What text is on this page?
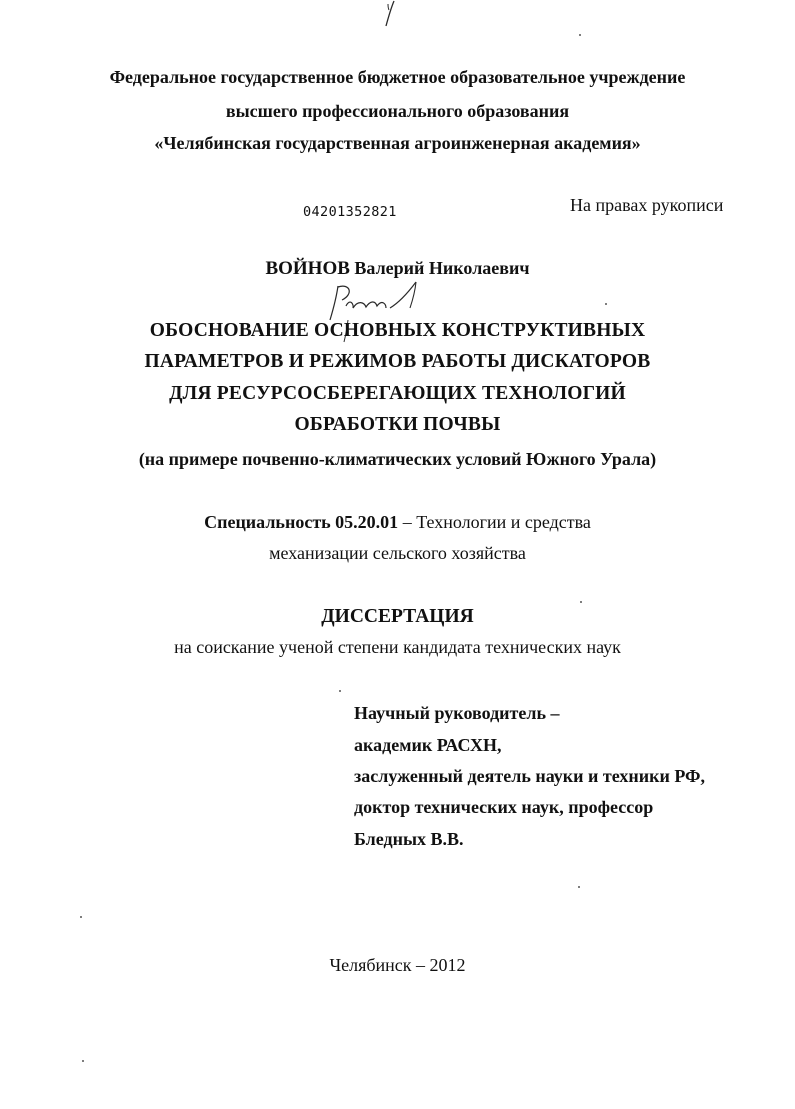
Федеральное государственное бюджетное образовательное учреждение
высшего профессионального образования
«Челябинская государственная агроинженерная академия»
04201352821	На правах рукописи
ВОЙНОВ Валерий Николаевич
ОБОСНОВАНИЕ ОСНОВНЫХ КОНСТРУКТИВНЫХ
ПАРАМЕТРОВ И РЕЖИМОВ РАБОТЫ ДИСКАТОРОВ
ДЛЯ РЕСУРСОСБЕРЕГАЮЩИХ ТЕХНОЛОГИЙ
ОБРАБОТКИ ПОЧВЫ
(на примере почвенно-климатических условий Южного Урала)
Специальность 05.20.01 – Технологии и средства
механизации сельского хозяйства
ДИССЕРТАЦИЯ
на соискание ученой степени кандидата технических наук
Научный руководитель –
академик РАСХН,
заслуженный деятель науки и техники РФ,
доктор технических наук, профессор
Бледных В.В.
Челябинск – 2012
